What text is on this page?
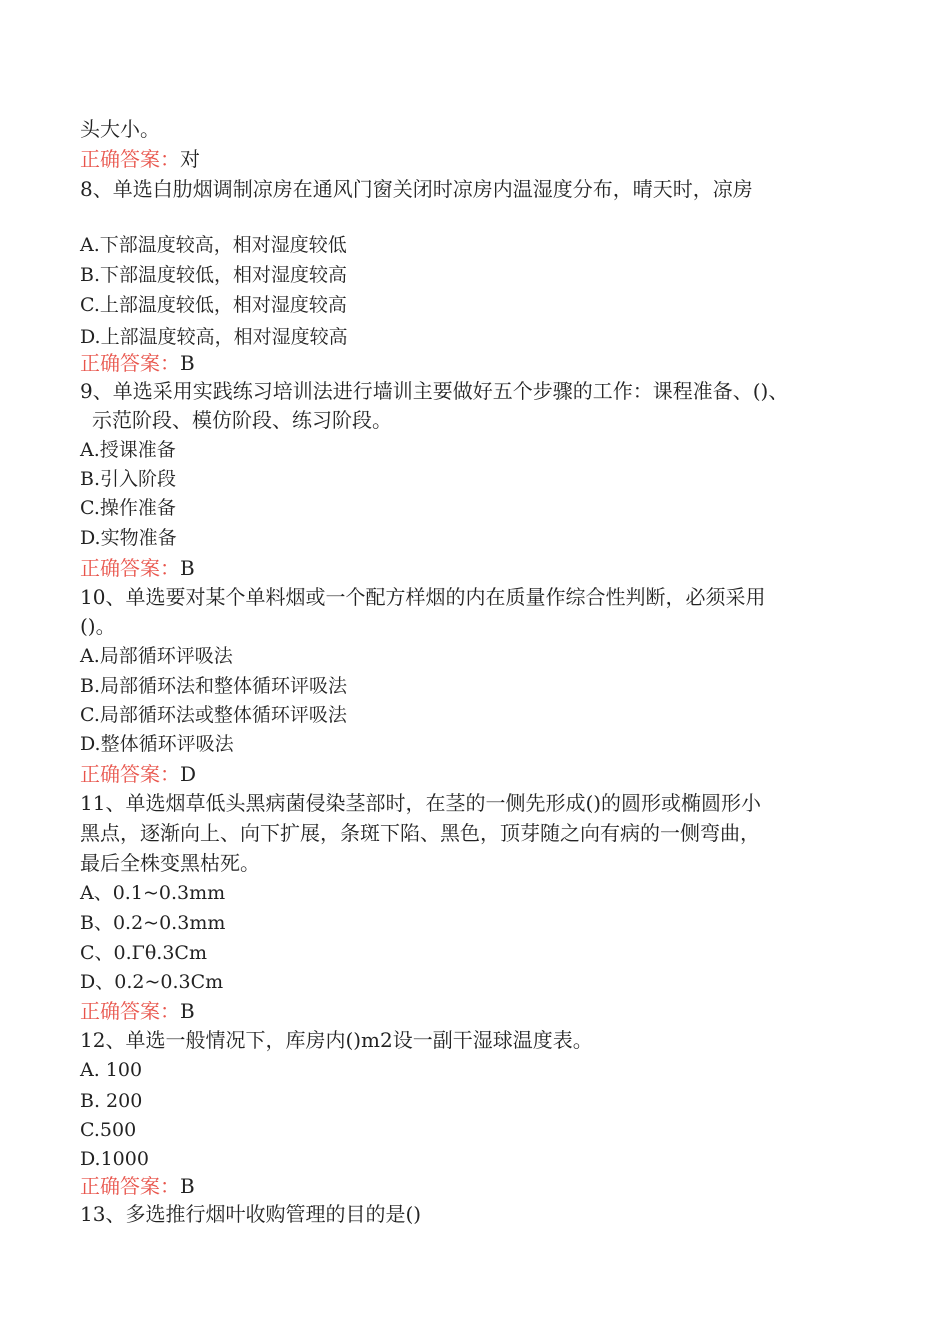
头大小。
正确答案：对
8、单选白肋烟调制凉房在通风门窗关闭时凉房内温湿度分布，晴天时，凉房
A.下部温度较高，相对湿度较低
B.下部温度较低，相对湿度较高
C.上部温度较低，相对湿度较高
D.上部温度较高，相对湿度较高
正确答案：B
9、单选采用实践练习培训法进行墙训主要做好五个步骤的工作：课程准备、()、
示范阶段、模仿阶段、练习阶段。
A.授课准备
B.引入阶段
C.操作准备
D.实物准备
正确答案：B
10、单选要对某个单料烟或一个配方样烟的内在质量作综合性判断，必须采用
()。
A.局部循环评吸法
B.局部循环法和整体循环评吸法
C.局部循环法或整体循环评吸法
D.整体循环评吸法
正确答案：D
11、单选烟草低头黑病菌侵染茎部时，在茎的一侧先形成()的圆形或椭圆形小
黑点，逐渐向上、向下扩展，条斑下陷、黑色，顶芽随之向有病的一侧弯曲，
最后全株变黑枯死。
A、0.1~0.3mm
B、0.2~0.3mm
C、0.Γθ.3Cm
D、0.2~0.3Cm
正确答案：B
12、单选一般情况下，库房内()m2设一副干湿球温度表。
A. 100
B. 200
C.500
D.1000
正确答案：B
13、多选推行烟叶收购管理的目的是()
